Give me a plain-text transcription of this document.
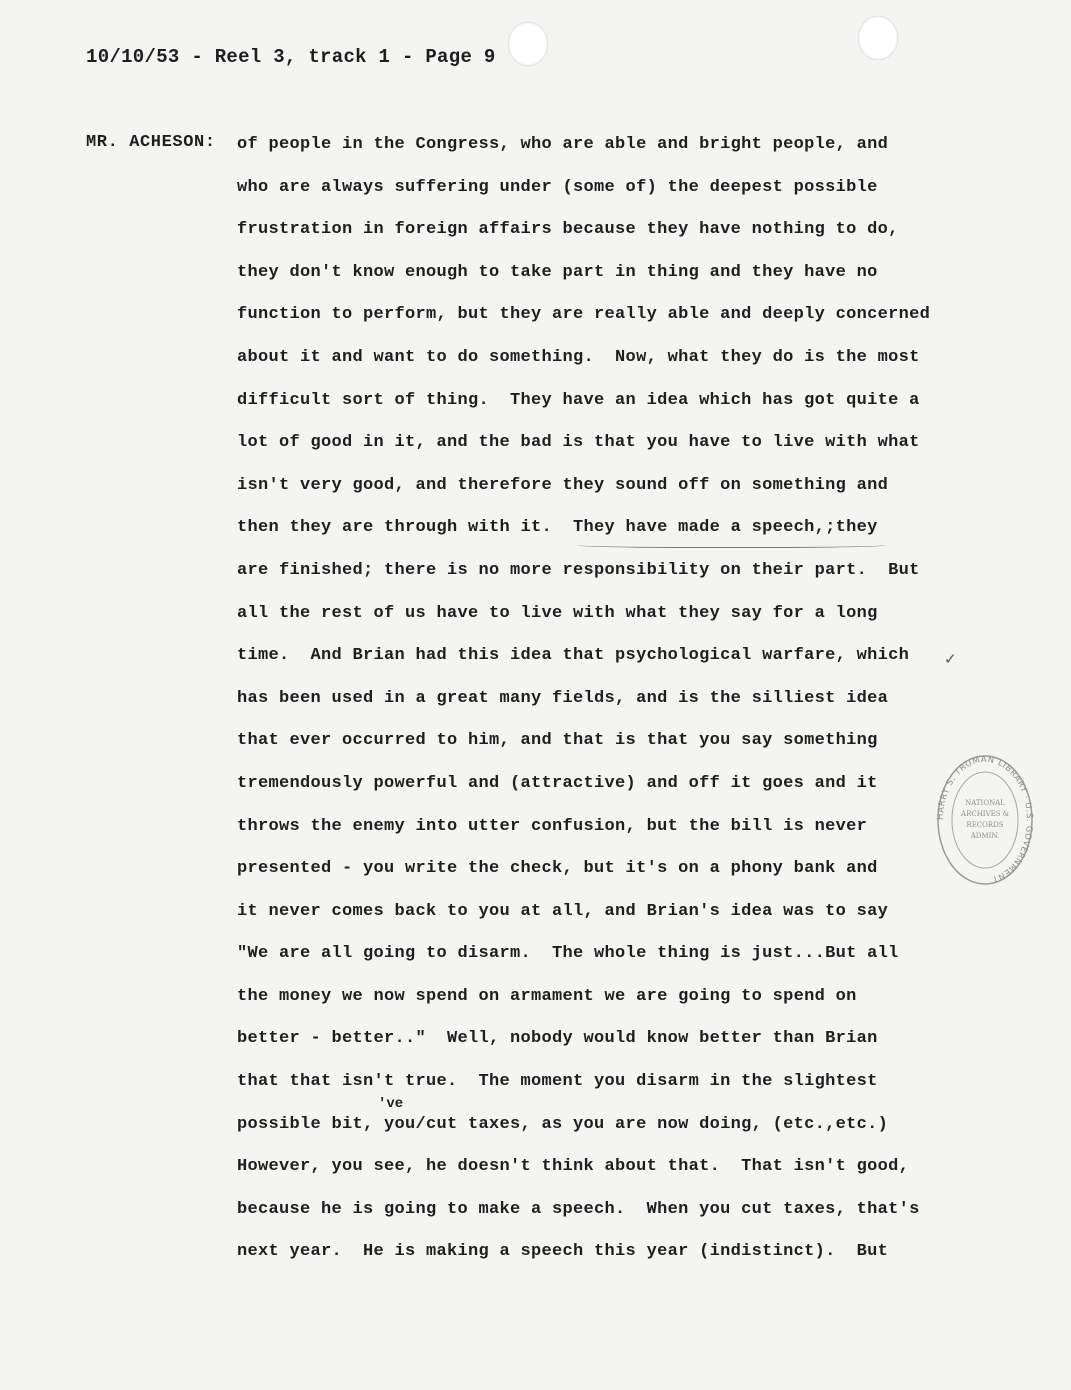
10/10/53 - Reel 3, track 1 - Page 9
MR. ACHESON: of people in the Congress, who are able and bright people, and
who are always suffering under (some of) the deepest possible
frustration in foreign affairs because they have nothing to do,
they don't know enough to take part in thing and they have no
function to perform, but they are really able and deeply concerned
about it and want to do something.  Now, what they do is the most
difficult sort of thing.  They have an idea which has got quite a
lot of good in it, and the bad is that you have to live with what
isn't very good, and therefore they sound off on something and
then they are through with it.  They have made a speech,;they
are finished; there is no more responsibility on their part.  But
all the rest of us have to live with what they say for a long
time.  And Brian had this idea that psychological warfare, which
has been used in a great many fields, and is the silliest idea
that ever occurred to him, and that is that you say something
tremendously powerful and (attractive) and off it goes and it
throws the enemy into utter confusion, but the bill is never
presented - you write the check, but it's on a phony bank and
it never comes back to you at all, and Brian's idea was to say
"We are all going to disarm.  The whole thing is just...But all
the money we now spend on armament we are going to spend on
better - better.."  Well, nobody would know better than Brian
that that isn't true.  The moment you disarm in the slightest
possible bit, you/cut taxes, as you are now doing, (etc.,etc.)
However, you see, he doesn't think about that.  That isn't good,
because he is going to make a speech.  When you cut taxes, that's
next year.  He is making a speech this year (indistinct).  But
've
✓
HARRY S. TRUMAN LIBRARY · U.S. GOVERNMENT
NATIONAL
ARCHIVES &
RECORDS
ADMIN.
